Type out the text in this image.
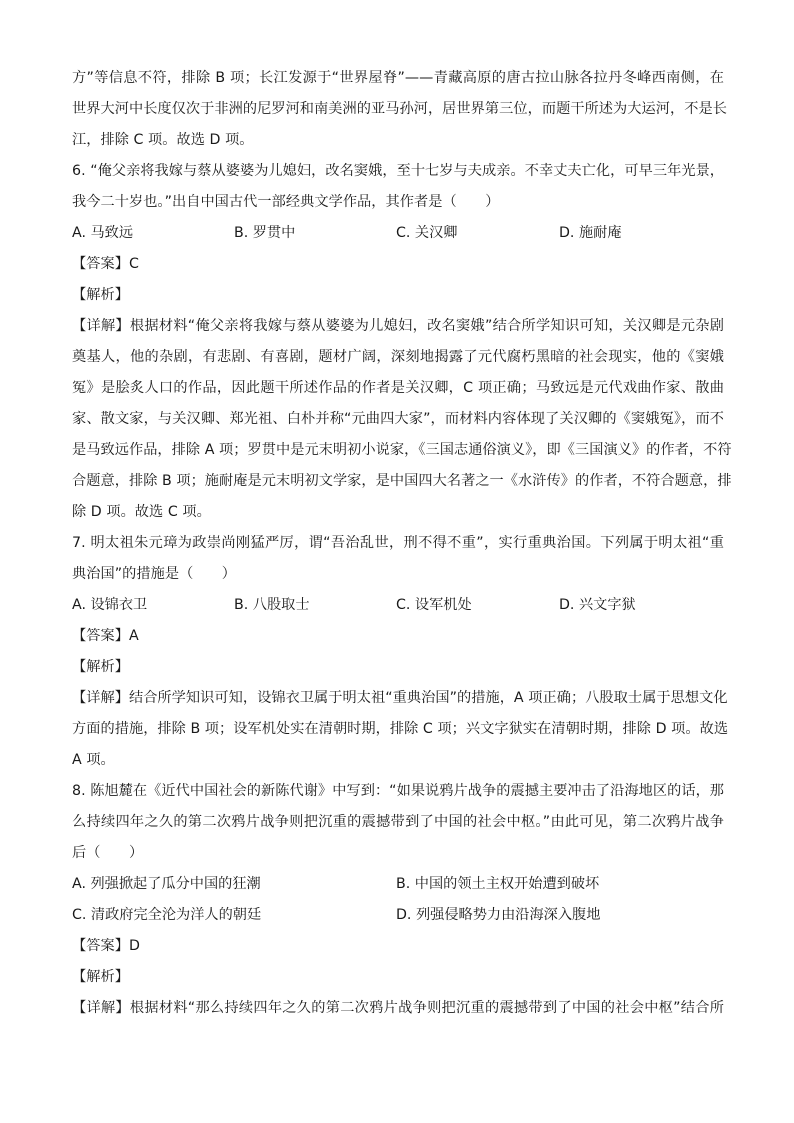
方”等信息不符，排除 B 项；长江发源于“世界屋脊”——青藏高原的唐古拉山脉各拉丹冬峰西南侧，在
世界大河中长度仅次于非洲的尼罗河和南美洲的亚马孙河，居世界第三位，而题干所述为大运河，不是长
江，排除 C 项。故选 D 项。
6. “俺父亲将我嫁与蔡从婆婆为儿媳妇，改名窦娥，至十七岁与夫成亲。不幸丈夫亡化，可早三年光景，
我今二十岁也。”出自中国古代一部经典文学作品，其作者是（　　）
A. 马致远	B. 罗贯中	C. 关汉卿	D. 施耐庵
【答案】C
【解析】
【详解】根据材料“俺父亲将我嫁与蔡从婆婆为儿媳妇，改名窦娥”结合所学知识可知，关汉卿是元杂剧
奠基人，他的杂剧，有悲剧、有喜剧，题材广阔，深刻地揭露了元代腐朽黑暗的社会现实，他的《窦娥
冤》是脍炙人口的作品，因此题干所述作品的作者是关汉卿，C 项正确；马致远是元代戏曲作家、散曲
家、散文家，与关汉卿、郑光祖、白朴并称“元曲四大家”，而材料内容体现了关汉卿的《窦娥冤》，而不
是马致远作品，排除 A 项；罗贯中是元末明初小说家，《三国志通俗演义》，即《三国演义》的作者，不符
合题意，排除 B 项；施耐庵是元末明初文学家，是中国四大名著之一《水浒传》的作者，不符合题意，排
除 D 项。故选 C 项。
7. 明太祖朱元璋为政崇尚刚猛严厉，谓“吾治乱世，刑不得不重”，实行重典治国。下列属于明太祖“重
典治国”的措施是（　　）
A. 设锦衣卫	B. 八股取士	C. 设军机处	D. 兴文字狱
【答案】A
【解析】
【详解】结合所学知识可知，设锦衣卫属于明太祖“重典治国”的措施，A 项正确；八股取士属于思想文化
方面的措施，排除 B 项；设军机处实在清朝时期，排除 C 项；兴文字狱实在清朝时期，排除 D 项。故选
A 项。
8. 陈旭麓在《近代中国社会的新陈代谢》中写到：“如果说鸦片战争的震撼主要冲击了沿海地区的话，那
么持续四年之久的第二次鸦片战争则把沉重的震撼带到了中国的社会中枢。”由此可见，第二次鸦片战争
后（　　）
A. 列强掀起了瓜分中国的狂潮	B. 中国的领土主权开始遭到破坏
C. 清政府完全沦为洋人的朝廷	D. 列强侵略势力由沿海深入腹地
【答案】D
【解析】
【详解】根据材料“那么持续四年之久的第二次鸦片战争则把沉重的震撼带到了中国的社会中枢”结合所
